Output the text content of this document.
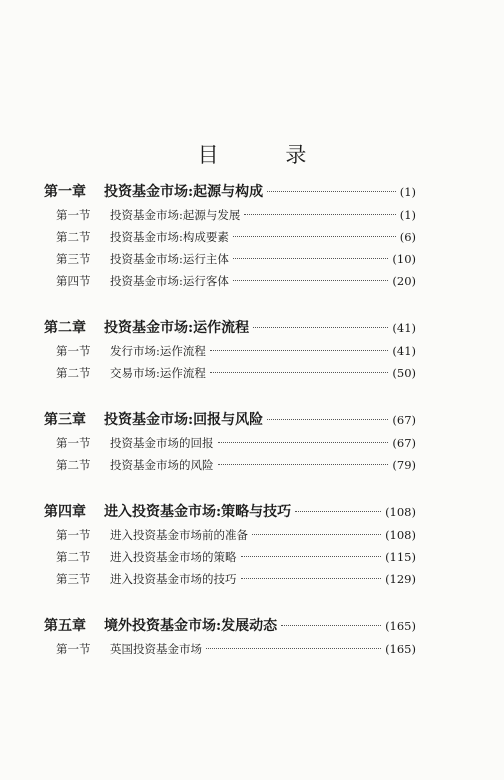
目 录
第一章	投资基金市场:起源与构成	(1)
第一节	投资基金市场:起源与发展	(1)
第二节	投资基金市场:构成要素	(6)
第三节	投资基金市场:运行主体	(10)
第四节	投资基金市场:运行客体	(20)
第二章	投资基金市场:运作流程	(41)
第一节	发行市场:运作流程	(41)
第二节	交易市场:运作流程	(50)
第三章	投资基金市场:回报与风险	(67)
第一节	投资基金市场的回报	(67)
第二节	投资基金市场的风险	(79)
第四章	进入投资基金市场:策略与技巧	(108)
第一节	进入投资基金市场前的准备	(108)
第二节	进入投资基金市场的策略	(115)
第三节	进入投资基金市场的技巧	(129)
第五章	境外投资基金市场:发展动态	(165)
第一节	英国投资基金市场	(165)
